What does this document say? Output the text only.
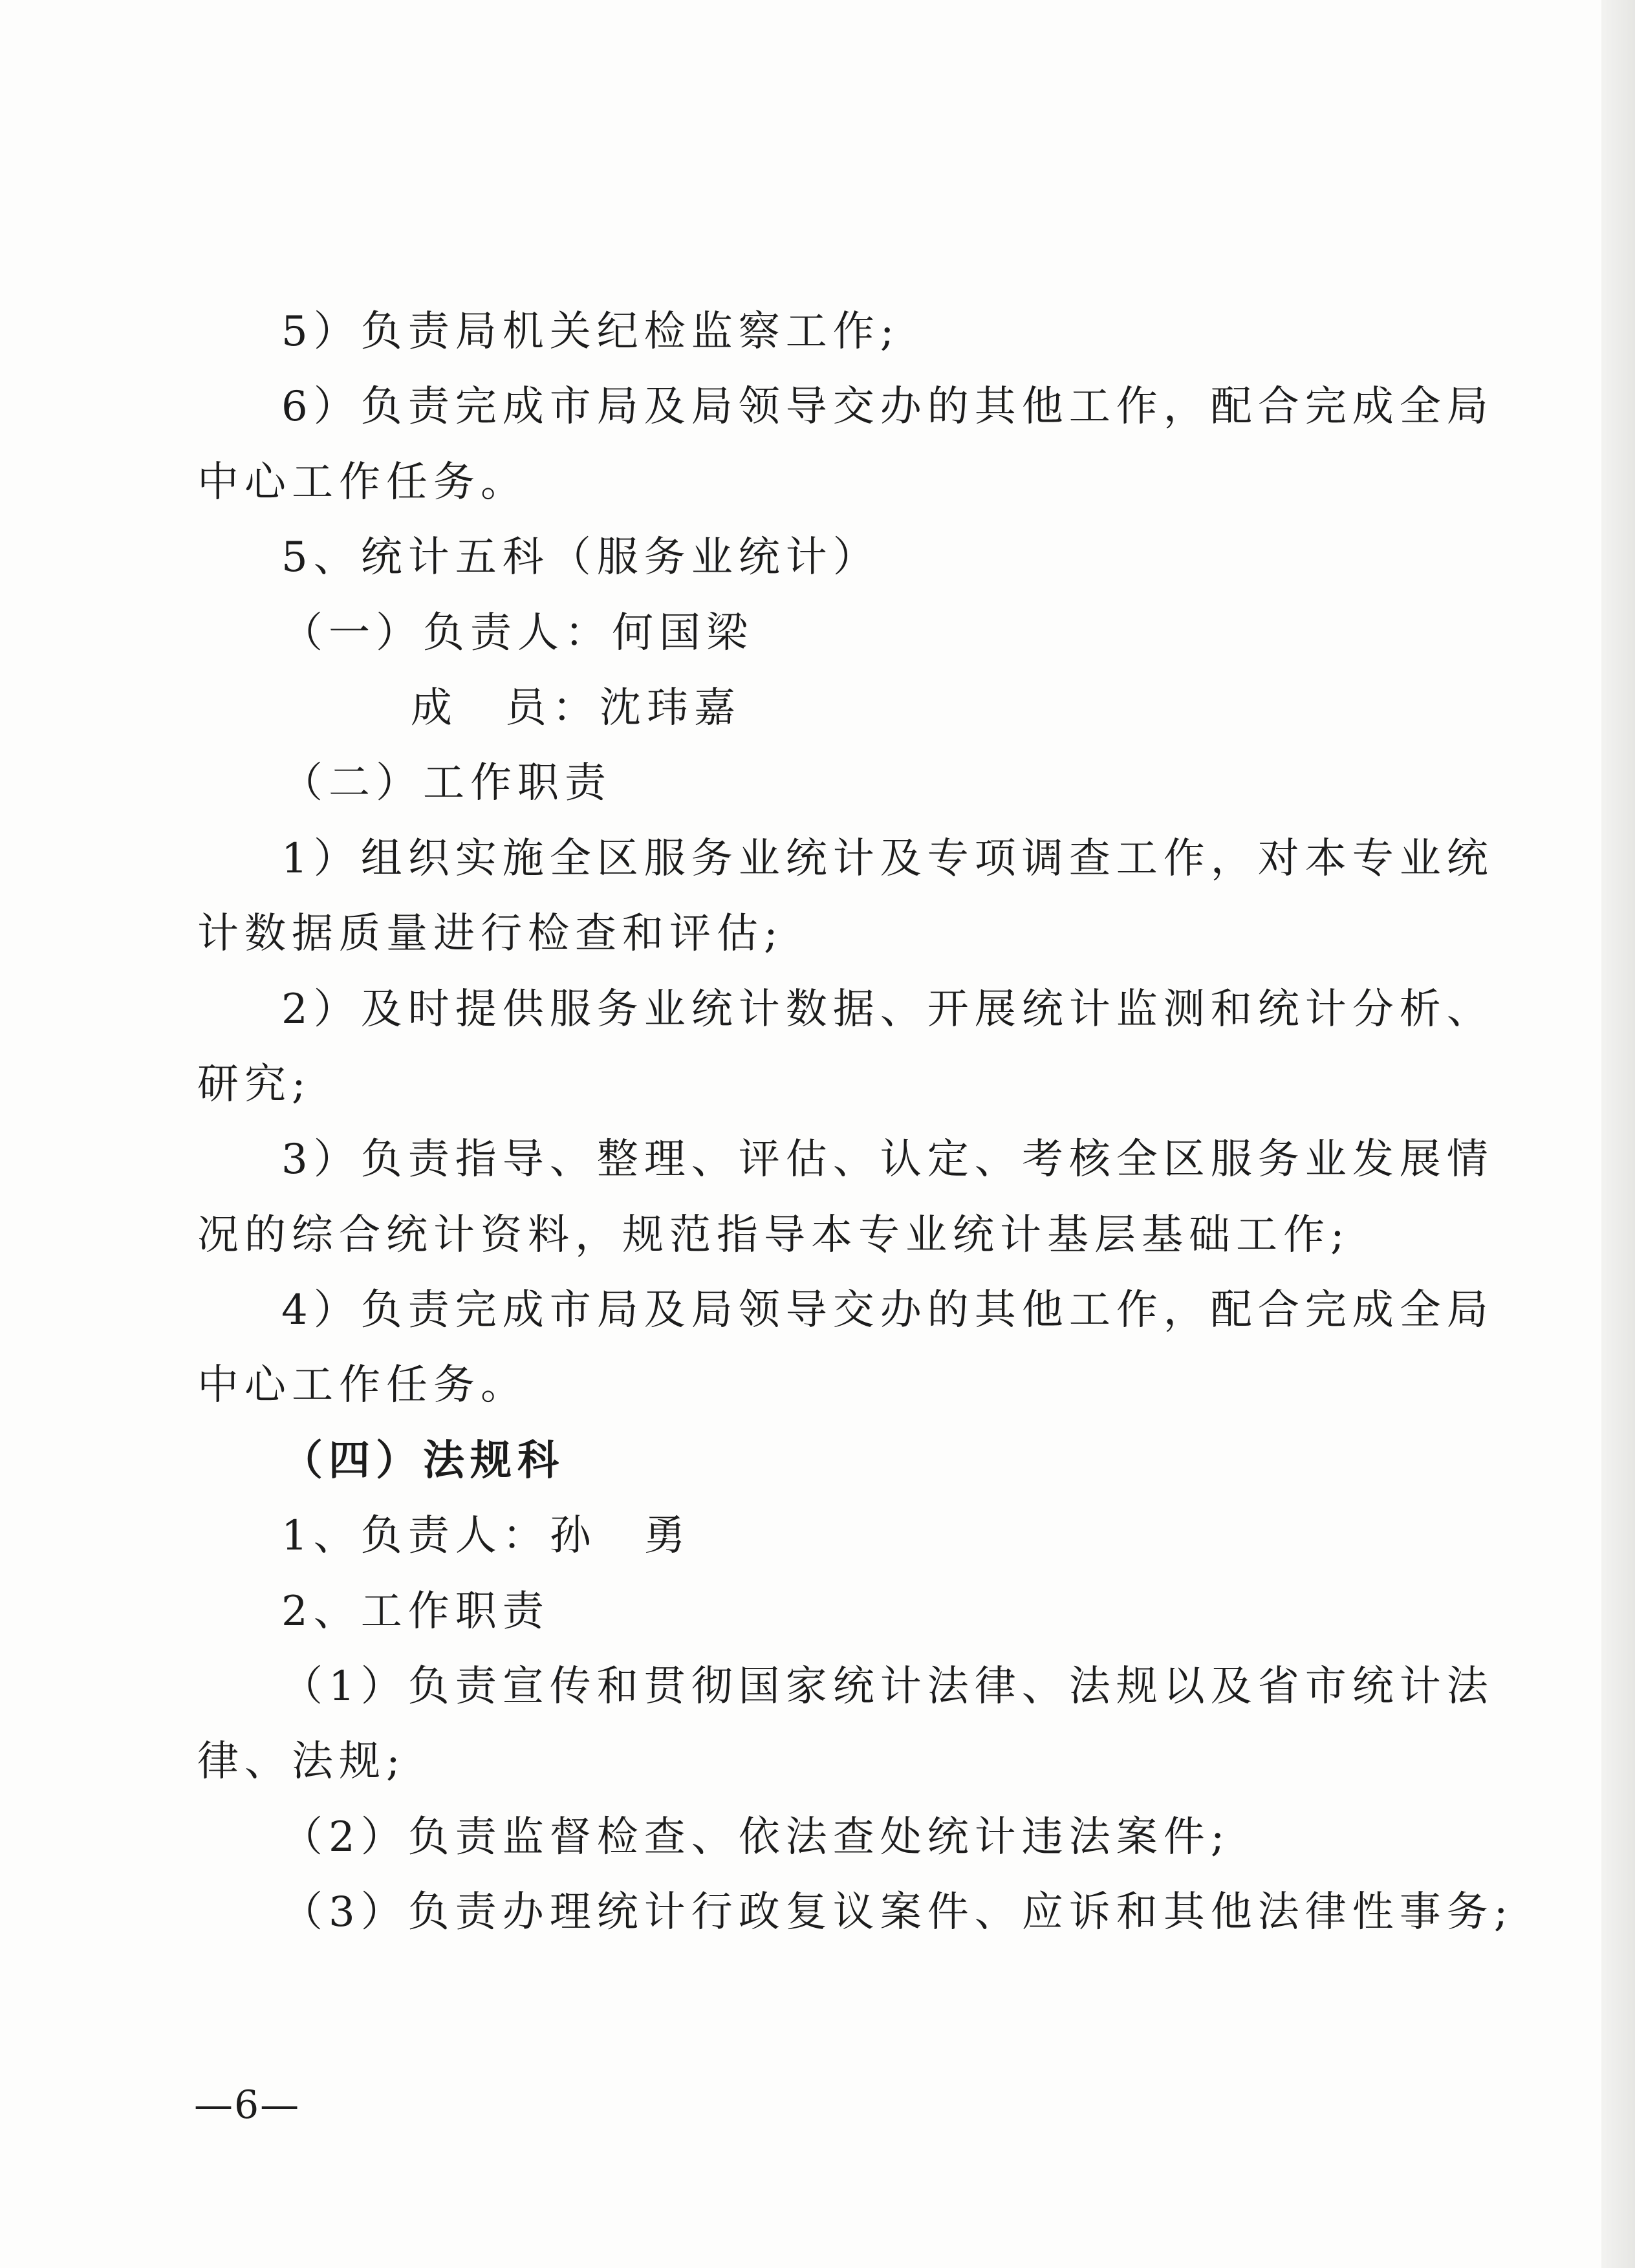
5）负责局机关纪检监察工作;
6）负责完成市局及局领导交办的其他工作，配合完成全局
中心工作任务。
5、统计五科（服务业统计）
（一）负责人：何国梁
成　员：沈玮嘉
（二）工作职责
1）组织实施全区服务业统计及专项调查工作，对本专业统
计数据质量进行检查和评估;
2）及时提供服务业统计数据、开展统计监测和统计分析、
研究;
3）负责指导、整理、评估、认定、考核全区服务业发展情
况的综合统计资料，规范指导本专业统计基层基础工作;
4）负责完成市局及局领导交办的其他工作，配合完成全局
中心工作任务。
（四）法规科
1、负责人：孙　勇
2、工作职责
（1）负责宣传和贯彻国家统计法律、法规以及省市统计法
律、法规;
（2）负责监督检查、依法查处统计违法案件;
（3）负责办理统计行政复议案件、应诉和其他法律性事务;
—6—
